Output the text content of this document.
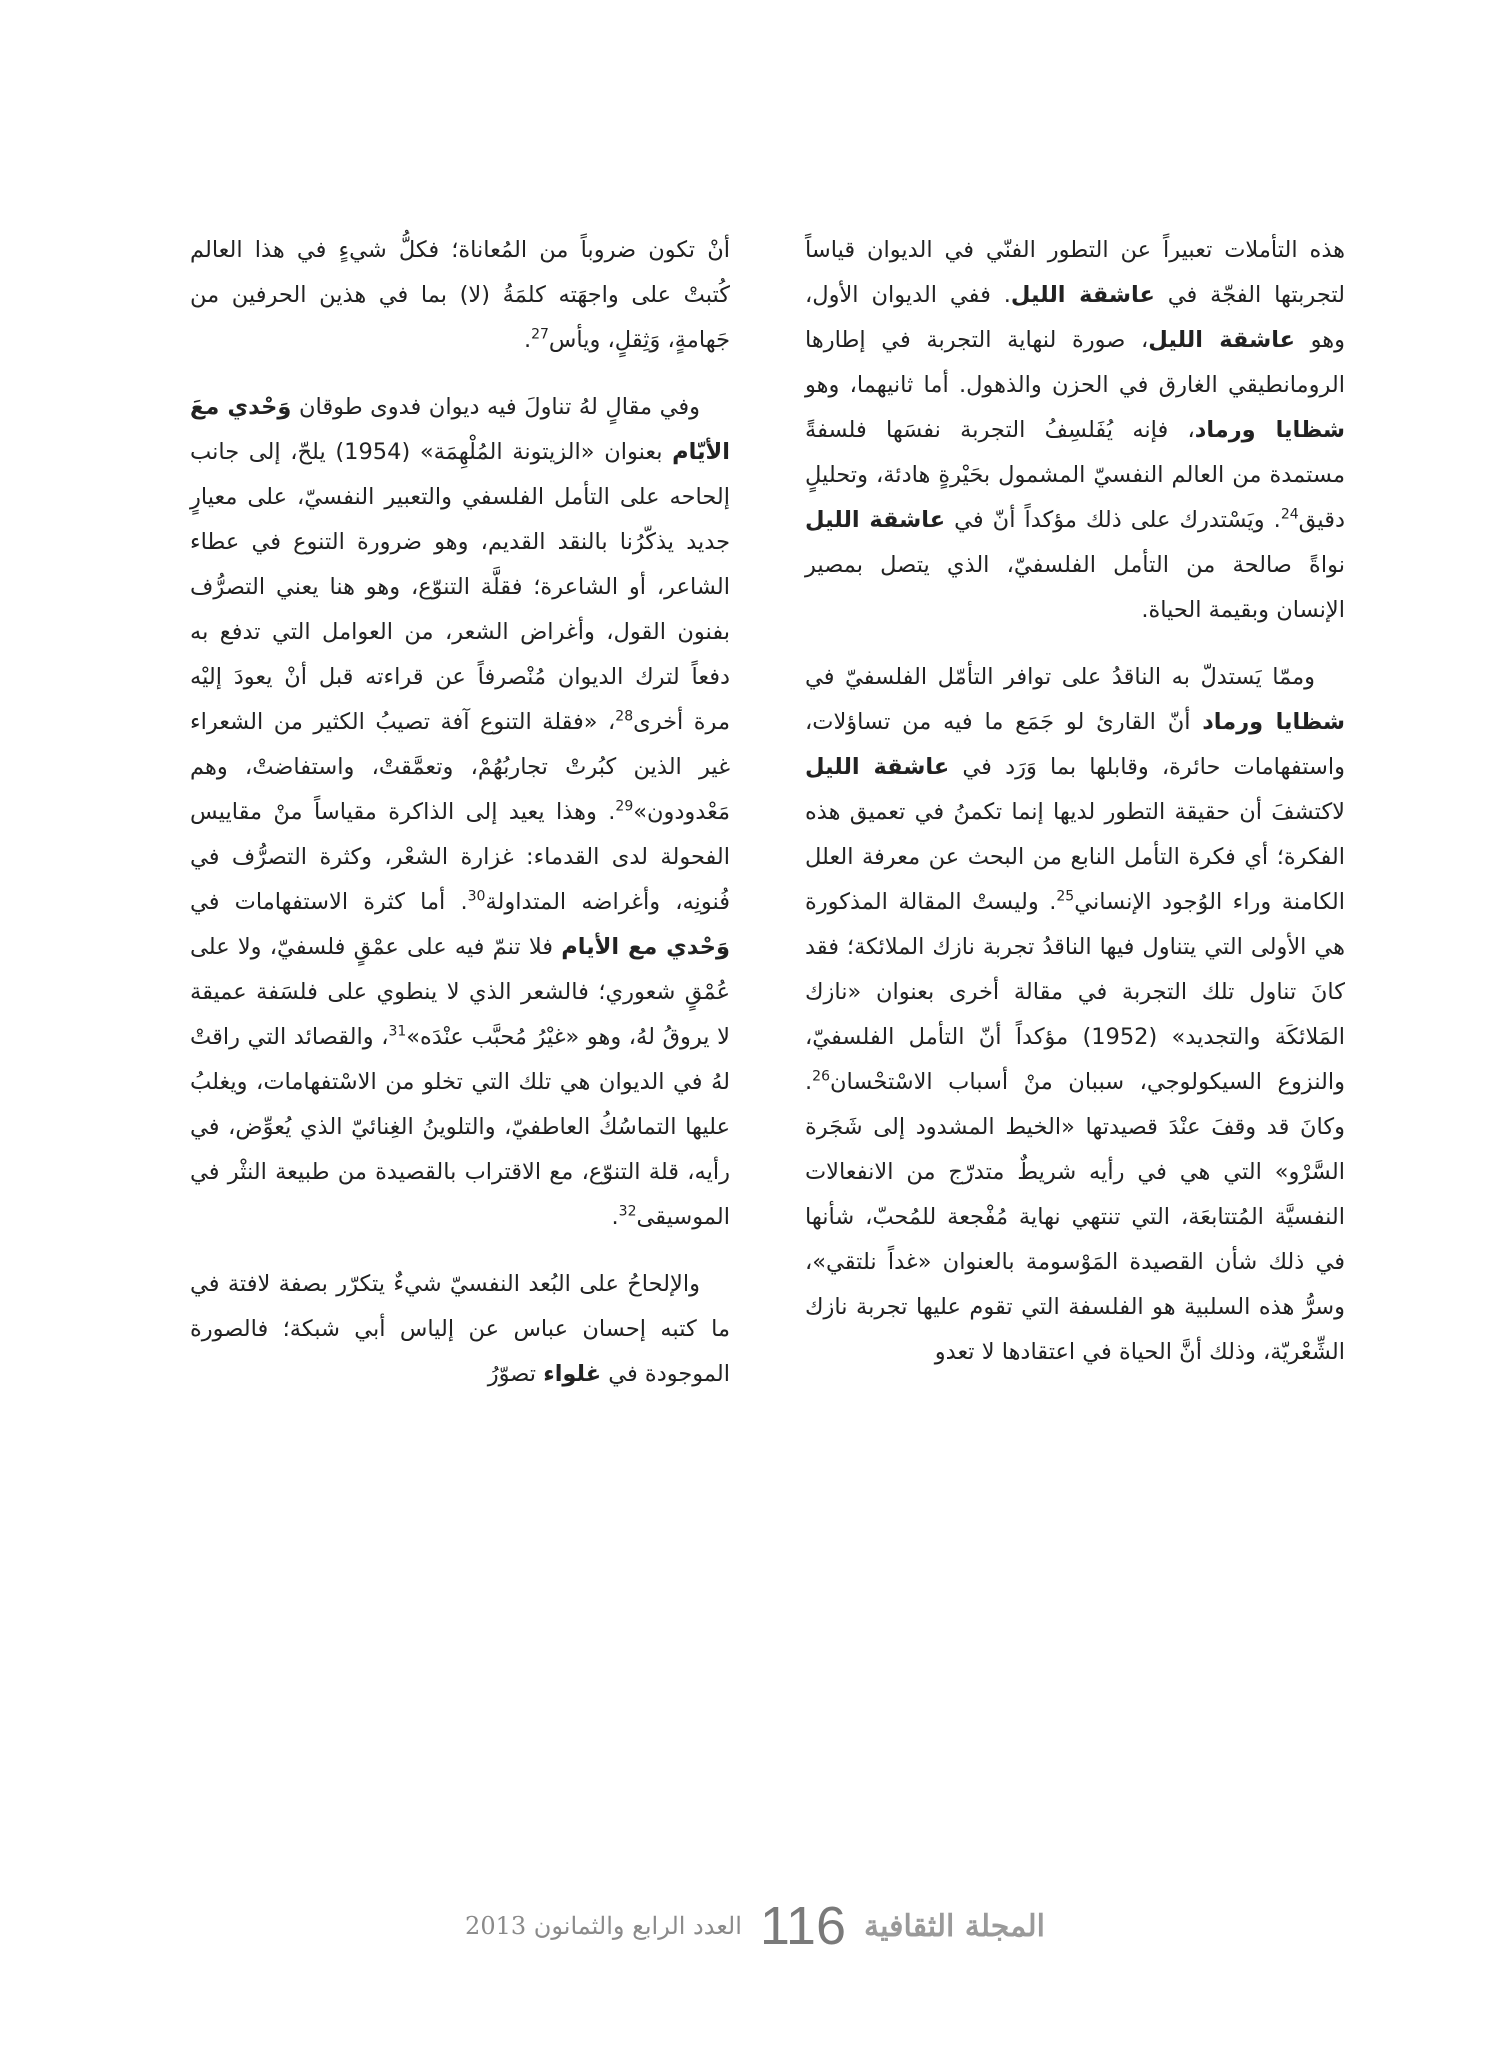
هذه التأملات تعبيراً عن التطور الفنّي في الديوان قياساً لتجربتها الفجّة في عاشقة الليل. ففي الديوان الأول، وهو عاشقة الليل، صورة لنهاية التجربة في إطارها الرومانطيقي الغارق في الحزن والذهول. أما ثانيهما، وهو شظايا ورماد، فإنه يُفَلسِفُ التجربة نفسَها فلسفةً مستمدة من العالم النفسيّ المشمول بحَيْرةٍ هادئة، وتحليلٍ دقيق$^{24}$. ويَسْتدرك على ذلك مؤكداً أنّ في عاشقة الليل نواةً صالحة من التأمل الفلسفيّ، الذي يتصل بمصير الإنسان وبقيمة الحياة.

وممّا يَستدلّ به الناقدُ على توافر التأمّل الفلسفيّ في شظايا ورماد أنّ القارئ لو جَمَع ما فيه من تساؤلات، واستفهامات حائرة، وقابلها بما وَرَد في عاشقة الليل لاكتشفَ أن حقيقة التطور لديها إنما تكمنُ في تعميق هذه الفكرة؛ أي فكرة التأمل النابع من البحث عن معرفة العلل الكامنة وراء الوُجود الإنساني$^{25}$. وليستْ المقالة المذكورة هي الأولى التي يتناول فيها الناقدُ تجربة نازك الملائكة؛ فقد كانَ تناول تلك التجربة في مقالة أخرى بعنوان «نازك المَلائكَة والتجديد» (1952) مؤكداً أنّ التأمل الفلسفيّ، والنزوع السيكولوجي، سببان منْ أسباب الاسْتحْسان$^{26}$. وكانَ قد وقفَ عنْدَ قصيدتها «الخيط المشدود إلى شَجَرة السَّرْو» التي هي في رأيه شريطٌ متدرّج من الانفعالات النفسيَّة المُتتابعَة، التي تنتهي نهاية مُفْجعة للمُحبّ، شأنها في ذلك شأن القصيدة المَوْسومة بالعنوان «غداً نلتقي»، وسرُّ هذه السلبية هو الفلسفة التي تقوم عليها تجربة نازك الشِّعْريّة، وذلك أنَّ الحياة في اعتقادها لا تعدو

أنْ تكون ضروباً من المُعاناة؛ فكلُّ شيءٍ في هذا العالم كُتبتْ على واجهَته كلمَةُ (لا) بما في هذين الحرفين من جَهامةٍ، وَثِقلٍ، ويأس$^{27}$.

وفي مقالٍ لهُ تناولَ فيه ديوان فدوى طوقان وَحْدي معَ الأيّام بعنوان «الزيتونة المُلْهِمَة» (1954) يلحّ، إلى جانب إلحاحه على التأمل الفلسفي والتعبير النفسيّ، على معيارٍ جديد يذكّرُنا بالنقد القديم، وهو ضرورة التنوع في عطاء الشاعر، أو الشاعرة؛ فقلَّة التنوّع، وهو هنا يعني التصرُّف بفنون القول، وأغراض الشعر، من العوامل التي تدفع به دفعاً لترك الديوان مُنْصرفاً عن قراءته قبل أنْ يعودَ إليْه مرة أخرى$^{28}$، «فقلة التنوع آفة تصيبُ الكثير من الشعراء غير الذين كبُرتْ تجاربُهُمْ، وتعمَّقتْ، واستفاضتْ، وهم مَعْدودون»$^{29}$. وهذا يعيد إلى الذاكرة مقياساً منْ مقاييس الفحولة لدى القدماء: غزارة الشعْر، وكثرة التصرُّف في فُنونِه، وأغراضه المتداولة$^{30}$. أما كثرة الاستفهامات في وَحْدي مع الأيام فلا تنمّ فيه على عمْقٍ فلسفيّ، ولا على عُمْقٍ شعوري؛ فالشعر الذي لا ينطوي على فلسَفة عميقة لا يروقُ لهُ، وهو «غيْرُ مُحبَّب عنْدَه»$^{31}$، والقصائد التي راقتْ لهُ في الديوان هي تلك التي تخلو من الاسْتفهامات، ويغلبُ عليها التماسُكُ العاطفيّ، والتلوينُ الغِنائيّ الذي يُعوِّض، في رأيه، قلة التنوّع، مع الاقتراب بالقصيدة من طبيعة النثْر في الموسيقى$^{32}$.

والإلحاحُ على البُعد النفسيّ شيءٌ يتكرّر بصفة لافتة في ما كتبه إحسان عباس عن إلياس أبي شبكة؛ فالصورة الموجودة في غلواء تصوّرُ

المجلة الثقافية
116
العدد الرابع والثمانون 2013
